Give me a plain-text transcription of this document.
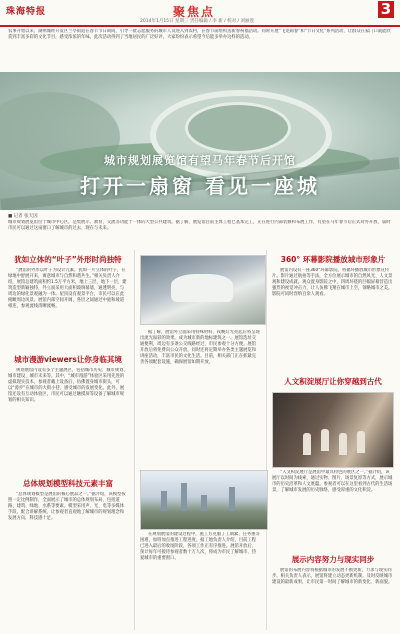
珠海特报	聚焦点	3
2014年1月15日 星期三 责任编辑 / 李 新 / 校对 / 刘丽莲
农事开始以来，湖州城经开发区兰亭街道在春节节日期间，引导一批志愿服务的城市人员进入到农村，在春节前组织送新春祝福活动。同时开展“飞龙闹春”和“节日文化”系列活动，让群众在家门口就能欣赏到丰富多彩的文化节目，感受浓浓的年味。此次活动得到了当地居民的广泛好评，大家纷纷表示希望今后能多举办这样的活动。
城市规划展览馆有望马年春节后开馆
打开一扇窗 看见一座城
■ 记者 张天因
城市规划展览馆位于城市中心区，是集展示、教育、交流等功能于一体的大型公共建筑。据了解，展览馆目前主体工程已基本完工，正在进行内部装修和布展工作，有望在马年春节后正式对外开放，届时市民可以通过这扇窗口了解城市的过去、现在与未来。
犹如立体的“叶子”外形时尚独特
“展馆的外形以叶子为设计元素，犹如一片立体的叶子，在绿地中舒展开来，寓意城市与自然和谐共生。”相关负责人介绍，展馆总建筑面积约1.5万平方米，地上三层，地下一层，建筑造型新颖独特，外立面采用大面积玻璃幕墙，通透明亮，与周边的绿化景观融为一体。屋顶设有观景平台，市民可以在此俯瞰周边风景。展馆内部空间开阔，各层之间通过中庭和坡道相连，参观流线清晰流畅。
城市漫游viewers让你身临其境
规划展馆内设有多个主题展区，包括城市历史、城市规划、城市建设、城市未来等。其中，“城市漫游”体验区采用先进的虚拟现实技术，参观者戴上设备后，仿佛置身城市街头，可以“漫步”在城市的大街小巷，感受城市的发展变化。此外，展馆还设有互动体验区，市民可以通过触摸屏等设备了解城市规划的相关知识。
总体规划模型科技元素丰富
“总体规划模型是展馆的核心展品之一。”据介绍，该模型按照一定比例制作，全面展示了城市的总体规划布局，包括道路、建筑、绿地、水系等要素。模型采用声、光、电等多媒体手段，配合讲解系统，让参观者直观地了解城市的规划理念和发展方向，科技感十足。
据了解，展馆外立面采用特殊材料，夜晚灯光亮起后将呈现出流光溢彩的效果，成为城市新的地标建筑之一。展馆选址交通便利，周边有多条公交线路经过，市民参观十分方便。展馆开放后将免费向公众开放，同时还将定期举办各类主题展览和讲座活动，丰富市民的文化生活。目前，相关部门正在抓紧完善各项配套设施，确保展馆如期开放。
在规划展馆的建设过程中，施工方克服了工期紧、任务重等困难，加班加点推进工程进度。据工地负责人介绍，目前工程已进入最后的收尾阶段，各项工作正有序推进。展馆开放后，预计每年可接待参观者数十万人次，将成为市民了解城市、热爱城市的重要窗口。
360° 环幕影院播放城市形象片
展馆内设有一座360°环幕影院，将循环播放城市形象宣传片。影片通过航拍等手法，全方位展示城市的自然风光、人文景观和建设成就。观众置身影院之中，四周环绕的巨幅屏幕营造出强烈的视觉冲击力，让人仿佛飞翔在城市上空，领略城市之美。影院可同时容纳百余人观看。
人文积淀展厅让你穿越到古代
“人文积淀展厅是展馆中最具特色的展区之一。”据介绍，该展厅以时间为线索，通过实物、图片、场景复原等方式，展示城市的历史沿革和人文底蕴。参观者可以在这里看到古代的生活场景，了解城市发展的历史脉络，感受厚重的文化积淀。
展示内容努力与现实同步
展馆的布展内容将根据城市的发展不断更新，力求与现实同步。相关负责人表示，展馆将建立动态更新机制，及时反映城市建设的最新成果，让市民第一时间了解城市的新变化、新面貌。
